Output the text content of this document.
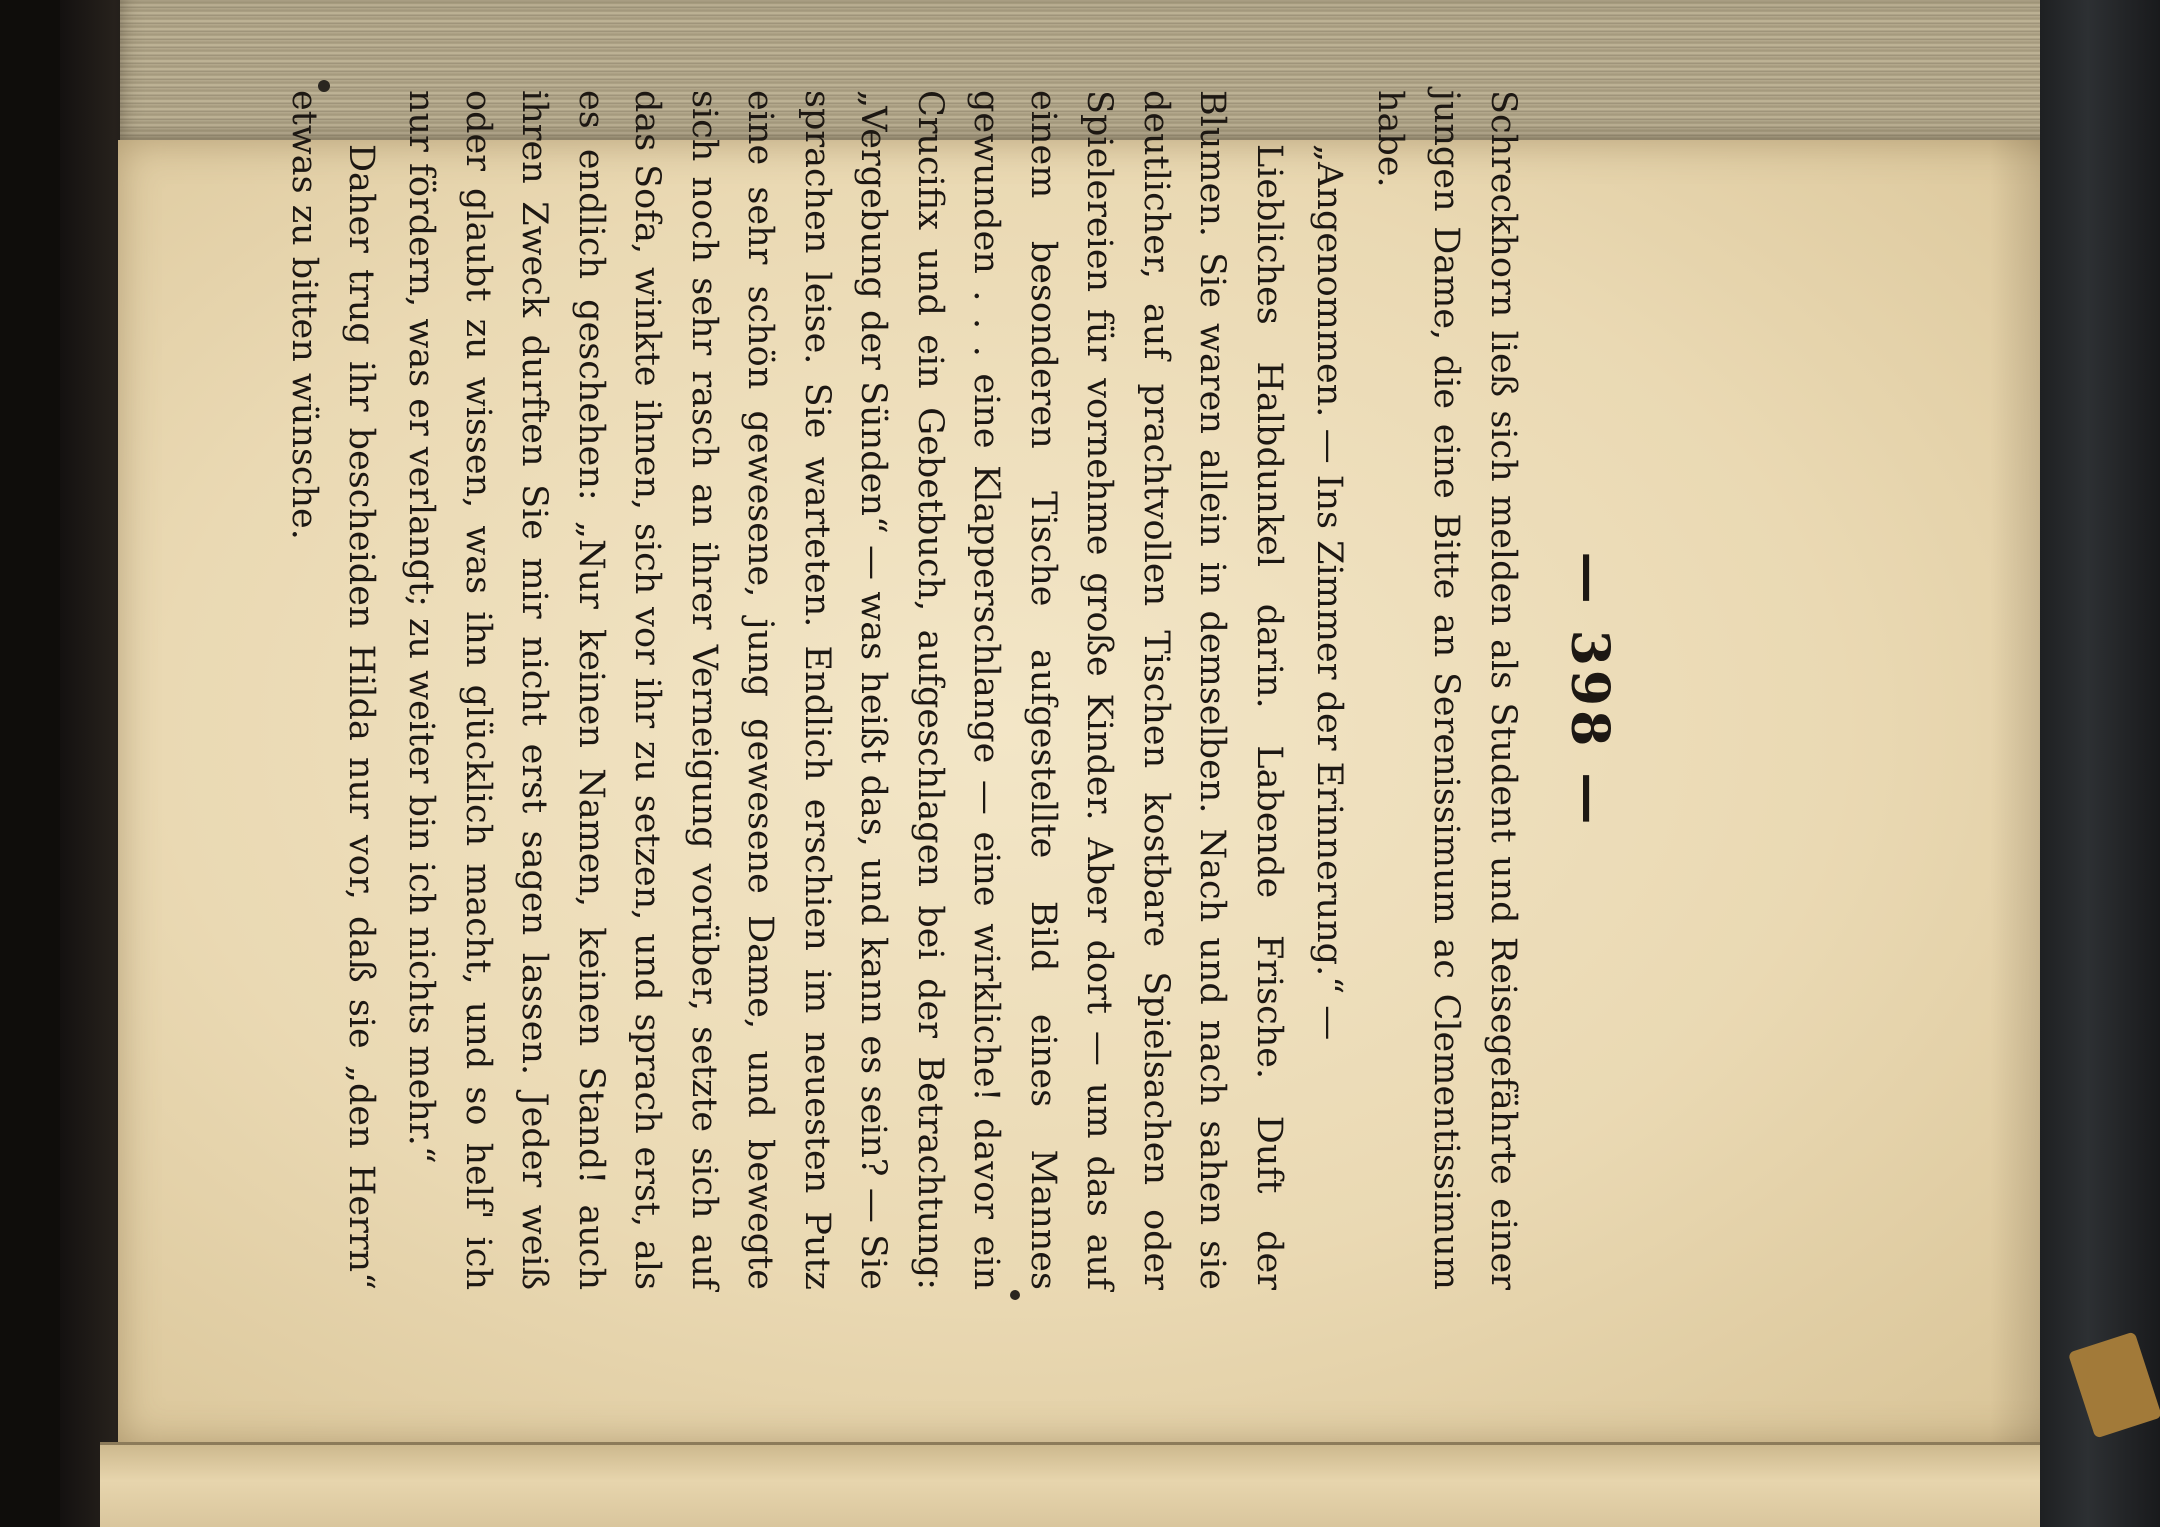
— 398 —

Schreckhorn ließ sich melden als Student und Reisegefährte einer jungen Dame, die eine Bitte an Serenissimum ac Clementissimum habe.

„Angenommen. — Ins Zimmer der Erinnerung.“ —

Liebliches Halbdunkel darin. Labende Frische. Duft der Blumen. Sie waren allein in demselben. Nach und nach sahen sie deutlicher, auf prachtvollen Tischen kostbare Spielsachen oder Spielereien für vornehme große Kinder. Aber dort — um das auf einem besonderen Tische aufgestellte Bild eines Mannes gewunden . . . eine Klapperschlange — eine wirkliche! davor ein Crucifix und ein Gebetbuch, aufgeschlagen bei der Betrachtung: „Vergebung der Sünden“ — was heißt das, und kann es sein? — Sie sprachen leise. Sie warteten. Endlich erschien im neuesten Putz eine sehr schön gewesene, jung gewesene Dame, und bewegte sich noch sehr rasch an ihrer Verneigung vorüber, setzte sich auf das Sofa, winkte ihnen, sich vor ihr zu setzen, und sprach erst, als es endlich geschehen: „Nur keinen Namen, keinen Stand! auch ihren Zweck durften Sie mir nicht erst sagen lassen. Jeder weiß oder glaubt zu wissen, was ihn glücklich macht, und so helf' ich nur fördern, was er verlangt; zu weiter bin ich nichts mehr.“

Daher trug ihr bescheiden Hilda nur vor, daß sie „den Herrn“ etwas zu bitten wünsche.
